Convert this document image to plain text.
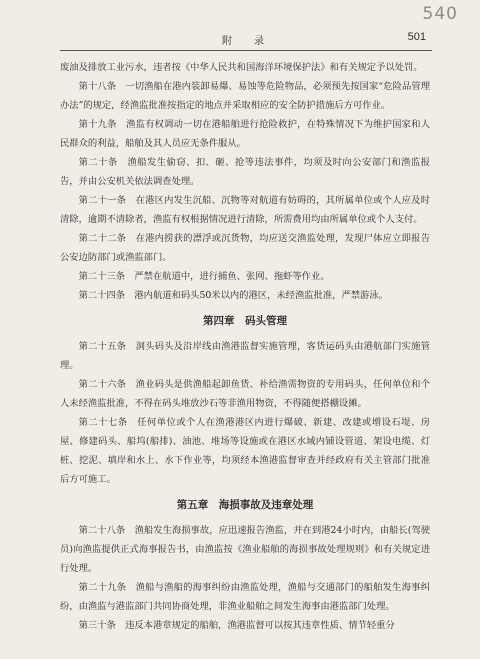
540
附　录	501

废油及排放工业污水，违者按《中华人民共和国海洋环境保护法》和有关规定予以处罚。

第十八条　一切渔船在港内装卸易爆、易蚀等危险物品，必须预先按国家“危险品管理办法”的规定，经渔监批准按指定的地点并采取相应的安全防护措施后方可作业。

第十九条　渔监有权调动一切在港船舶进行抢险救护，在特殊情况下为维护国家和人民群众的利益，船舶及其人员应无条件服从。

第二十条　渔船发生偷窃、扣、砸、抢等违法事件，均须及时向公安部门和渔监报告，并由公安机关依法调查处理。

第二十一条　在港区内发生沉船、沉物等对航道有妨碍的，其所属单位或个人应及时清除，逾期不清除者，渔监有权根据情况进行清除，所需费用均由所属单位或个人支付。

第二十二条　在港内捞获的漂浮或沉货物，均应送交渔监处理，发现尸体应立即报告公安边防部门或渔监部门。

第二十三条　严禁在航道中，进行捕鱼、张网、拖虾等作业。

第二十四条　港内航道和码头50米以内的港区，未经渔监批准，严禁游泳。

第四章　码头管理

第二十五条　洞头码头及沿岸线由渔港监督实施管理，客货运码头由港航部门实施管理。

第二十六条　渔业码头是供渔船起卸鱼货、补给渔需物资的专用码头，任何单位和个人未经渔监批准，不得在码头堆放沙石等非渔用物资，不得随便搭棚设摊。

第二十七条　任何单位或个人在渔港港区内进行爆破、新建、改建或增设石堤、房屋、修建码头、船坞(船排)、油池、堆场等设施或在港区水域内铺设管道、架设电缆、灯桩、挖泥、填岸和水上、水下作业等，均须经本渔港监督审查并经政府有关主管部门批准后方可施工。

第五章　海损事故及违章处理

第二十八条　渔船发生海损事故，应迅速报告渔监，并在到港24小时内，由船长(驾驶员)向渔监提供正式海事报告书，由渔监按《渔业船舶的海损事故处理规则》和有关规定进行处理。

第二十九条　渔船与渔船的海事纠纷由渔监处理，渔船与交通部门的船舶发生海事纠纷，由渔监与港监部门共同协商处理，非渔业船舶之间发生海事由港监部门处理。

第三十条　违反本港章规定的船舶，渔港监督可以按其违章性质、情节轻重分
